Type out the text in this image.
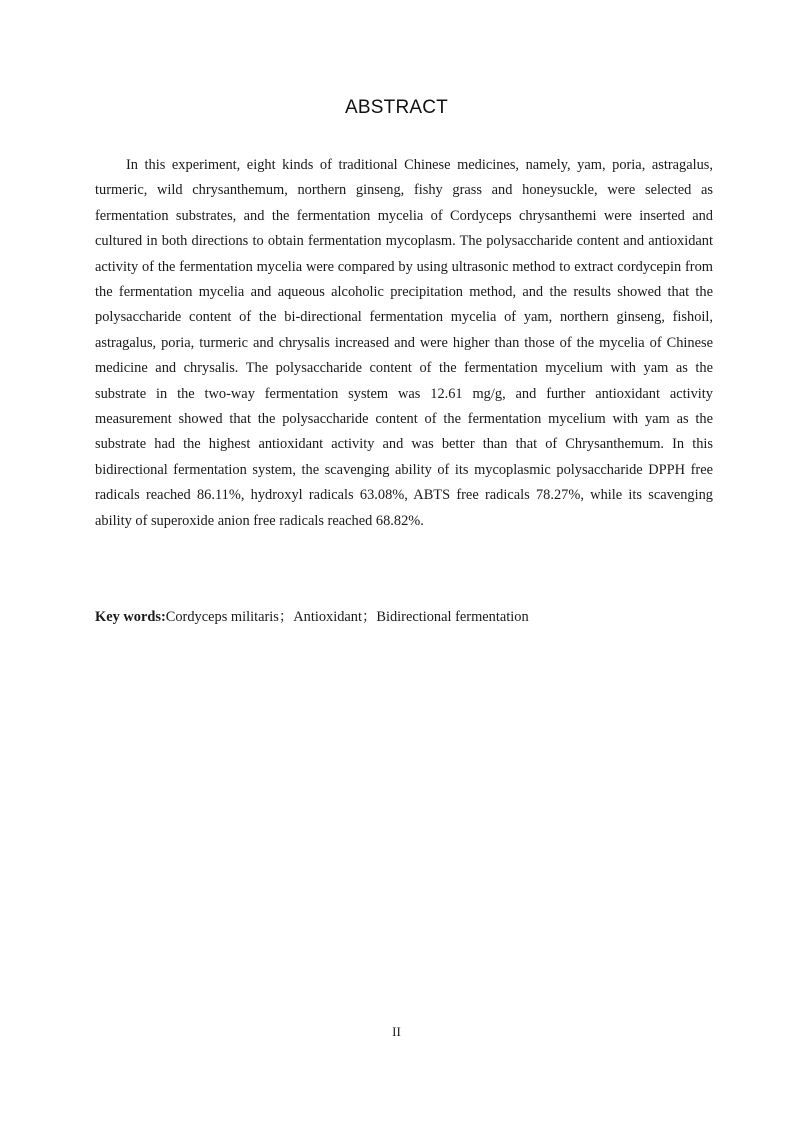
ABSTRACT

In this experiment, eight kinds of traditional Chinese medicines, namely, yam, poria, astragalus, turmeric, wild chrysanthemum, northern ginseng, fishy grass and honeysuckle, were selected as fermentation substrates, and the fermentation mycelia of Cordyceps chrysanthemi were inserted and cultured in both directions to obtain fermentation mycoplasm. The polysaccharide content and antioxidant activity of the fermentation mycelia were compared by using ultrasonic method to extract cordycepin from the fermentation mycelia and aqueous alcoholic precipitation method, and the results showed that the polysaccharide content of the bi-directional fermentation mycelia of yam, northern ginseng, fishoil, astragalus, poria, turmeric and chrysalis increased and were higher than those of the mycelia of Chinese medicine and chrysalis. The polysaccharide content of the fermentation mycelium with yam as the substrate in the two-way fermentation system was 12.61 mg/g, and further antioxidant activity measurement showed that the polysaccharide content of the fermentation mycelium with yam as the substrate had the highest antioxidant activity and was better than that of Chrysanthemum. In this bidirectional fermentation system, the scavenging ability of its mycoplasmic polysaccharide DPPH free radicals reached 86.11%, hydroxyl radicals 63.08%, ABTS free radicals 78.27%, while its scavenging ability of superoxide anion free radicals reached 68.82%.

Key words:Cordyceps militaris；Antioxidant；Bidirectional fermentation

II
